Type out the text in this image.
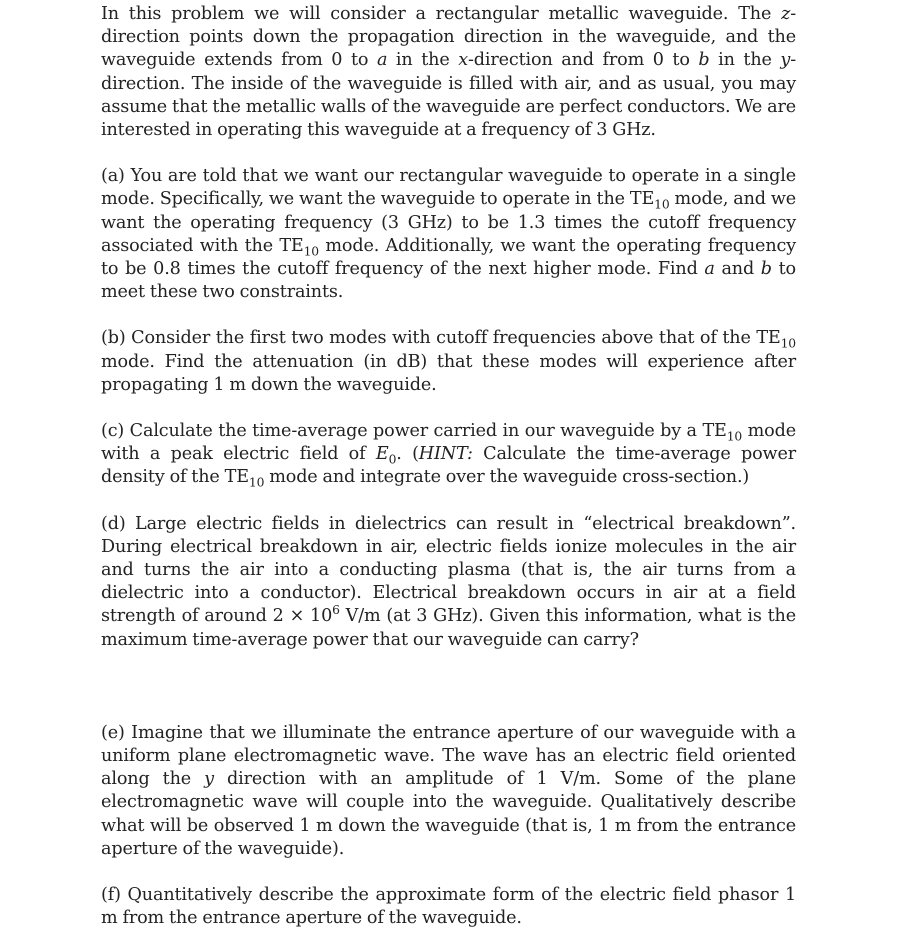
In this problem we will consider a rectangular metallic waveguide. The z-direction points down the propagation direction in the waveguide, and the waveguide extends from 0 to a in the x-direction and from 0 to b in the y-direction. The inside of the waveguide is filled with air, and as usual, you may assume that the metallic walls of the waveguide are perfect conductors. We are interested in operating this waveguide at a frequency of 3 GHz.

(a) You are told that we want our rectangular waveguide to operate in a single mode. Specifically, we want the waveguide to operate in the $TE_{10}$ mode, and we want the operating frequency (3 GHz) to be 1.3 times the cutoff frequency associated with the $TE_{10}$ mode. Additionally, we want the operating frequency to be 0.8 times the cutoff frequency of the next higher mode. Find a and b to meet these two constraints.

(b) Consider the first two modes with cutoff frequencies above that of the $TE_{10}$ mode. Find the attenuation (in dB) that these modes will experience after propagating 1 m down the waveguide.

(c) Calculate the time-average power carried in our waveguide by a $TE_{10}$ mode with a peak electric field of $E_0$. (HINT: Calculate the time-average power density of the $TE_{10}$ mode and integrate over the waveguide cross-section.)

(d) Large electric fields in dielectrics can result in “electrical breakdown”. During electrical breakdown in air, electric fields ionize molecules in the air and turns the air into a conducting plasma (that is, the air turns from a dielectric into a conductor). Electrical breakdown occurs in air at a field strength of around $2 \times 10^6$ V/m (at 3 GHz). Given this information, what is the maximum time-average power that our waveguide can carry?

(e) Imagine that we illuminate the entrance aperture of our waveguide with a uniform plane electromagnetic wave. The wave has an electric field oriented along the y direction with an amplitude of 1 V/m. Some of the plane electromagnetic wave will couple into the waveguide. Qualitatively describe what will be observed 1 m down the waveguide (that is, 1 m from the entrance aperture of the waveguide).

(f) Quantitatively describe the approximate form of the electric field phasor 1 m from the entrance aperture of the waveguide.
